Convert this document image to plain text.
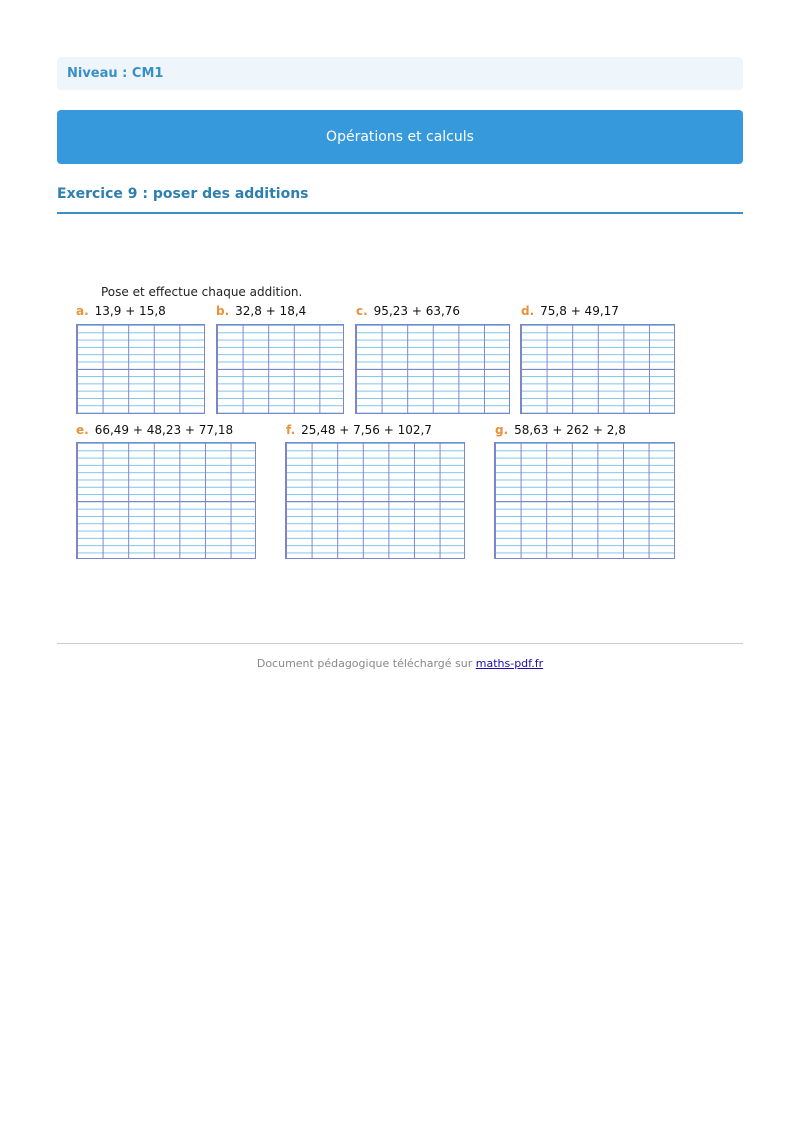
Niveau : CM1
Opérations et calculs
Exercice 9 : poser des additions
Pose et effectue chaque addition.
a. 13,9 + 15,8	b. 32,8 + 18,4	c. 95,23 + 63,76	d. 75,8 + 49,17
e. 66,49 + 48,23 + 77,18	f. 25,48 + 7,56 + 102,7	g. 58,63 + 262 + 2,8
Document pédagogique téléchargé sur maths-pdf.fr
